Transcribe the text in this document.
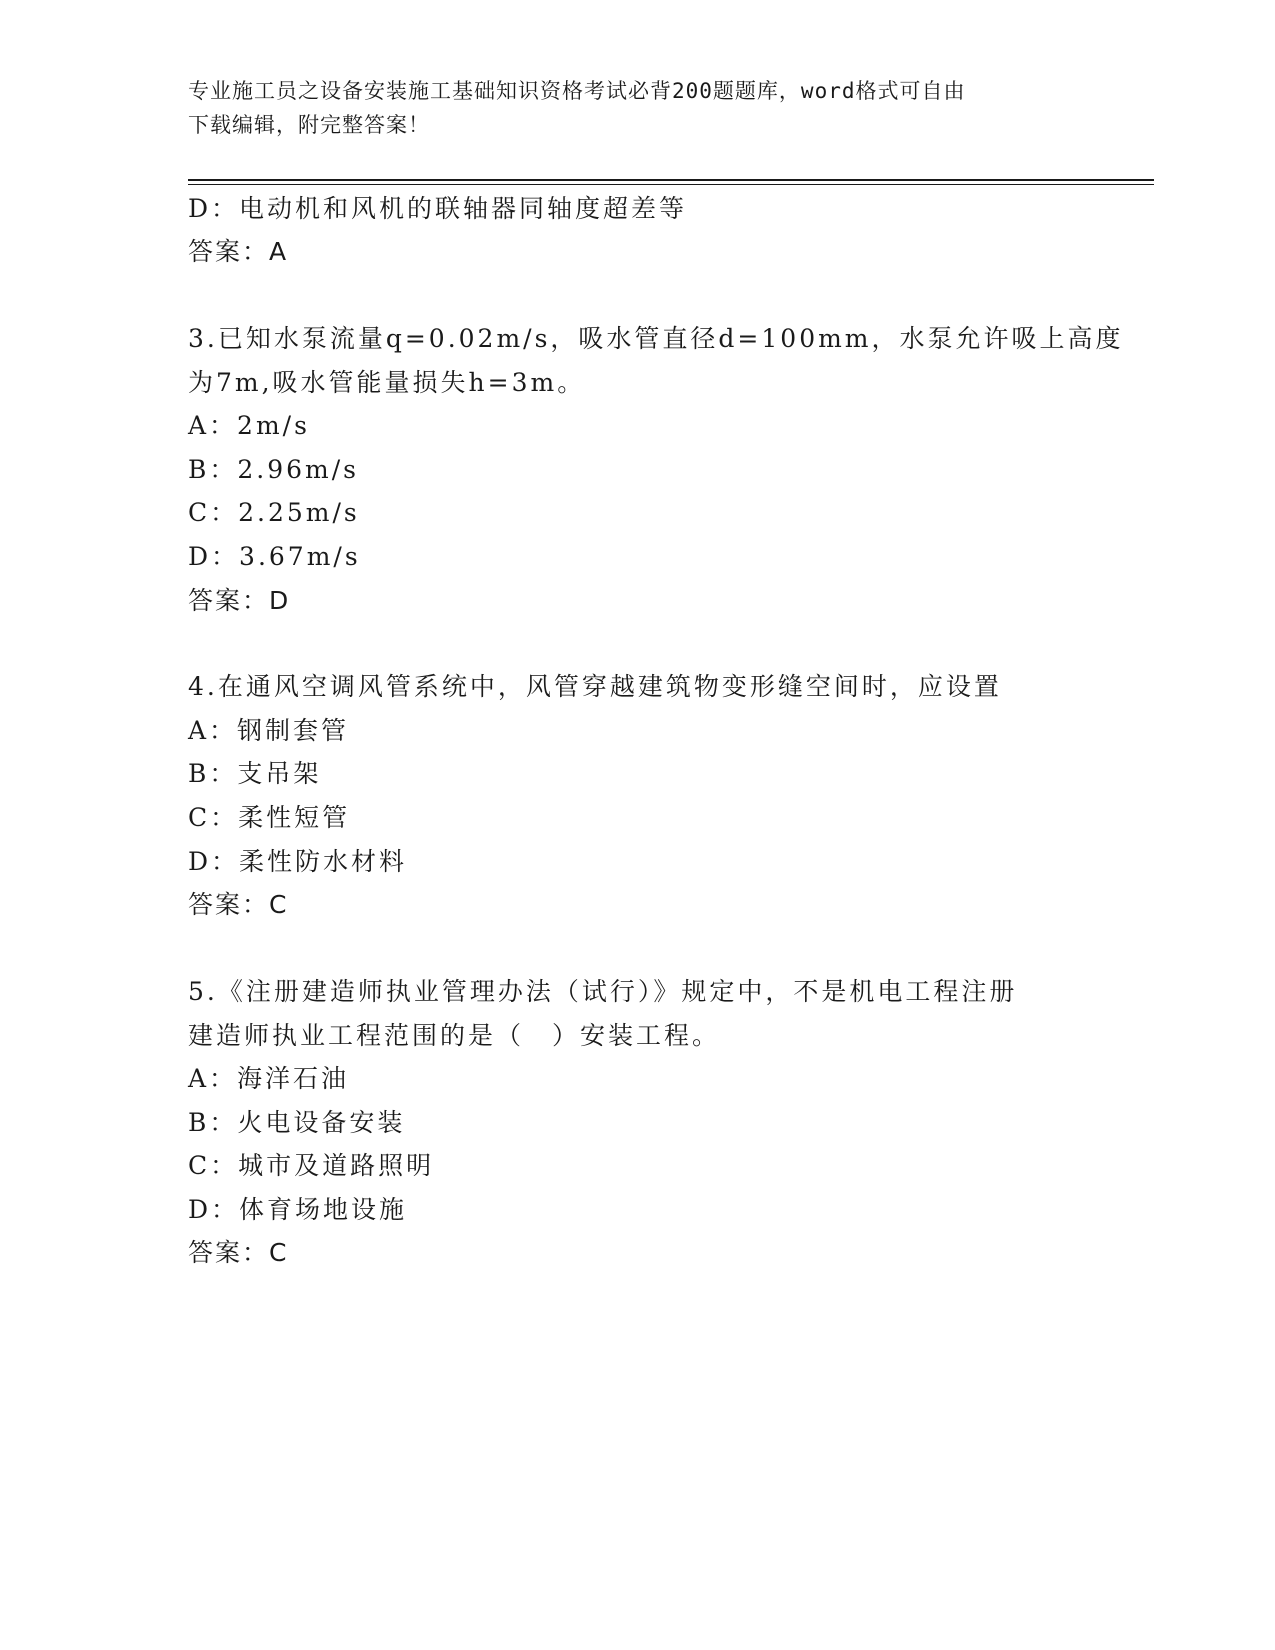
专业施工员之设备安装施工基础知识资格考试必背200题题库，word格式可自由
下载编辑，附完整答案！
D：电动机和风机的联轴器同轴度超差等
答案：A
3.已知水泵流量q=0.02m/s，吸水管直径d=100mm，水泵允许吸上高度
为7m,吸水管能量损失h=3m。
A：2m/s
B：2.96m/s
C：2.25m/s
D：3.67m/s
答案：D
4.在通风空调风管系统中，风管穿越建筑物变形缝空间时，应设置
A：钢制套管
B：支吊架
C：柔性短管
D：柔性防水材料
答案：C
5.《注册建造师执业管理办法（试行）》规定中，不是机电工程注册
建造师执业工程范围的是（　）安装工程。
A：海洋石油
B：火电设备安装
C：城市及道路照明
D：体育场地设施
答案：C
